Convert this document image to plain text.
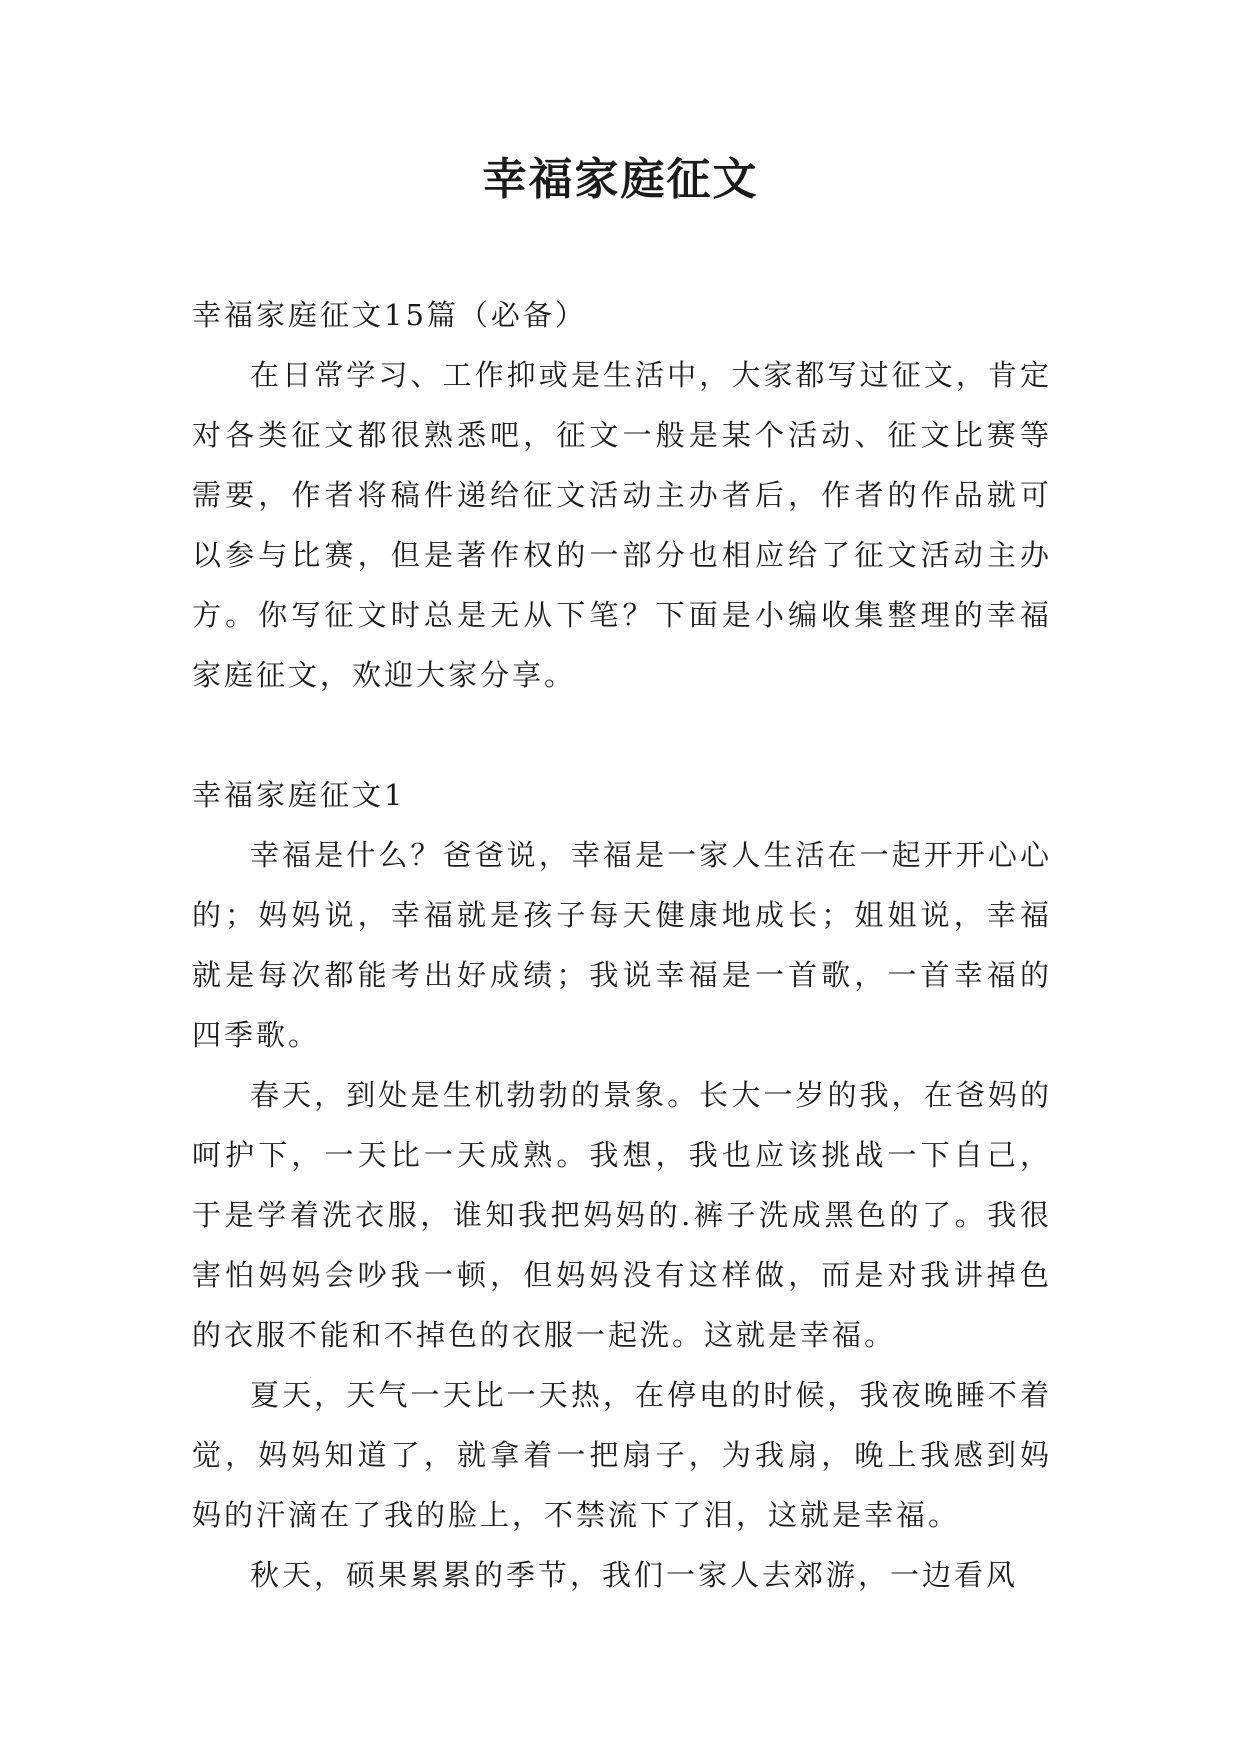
幸福家庭征文

幸福家庭征文15篇（必备）

在日常学习、工作抑或是生活中，大家都写过征文，肯定对各类征文都很熟悉吧，征文一般是某个活动、征文比赛等需要，作者将稿件递给征文活动主办者后，作者的作品就可以参与比赛，但是著作权的一部分也相应给了征文活动主办方。你写征文时总是无从下笔？下面是小编收集整理的幸福家庭征文，欢迎大家分享。

幸福家庭征文1

幸福是什么？爸爸说，幸福是一家人生活在一起开开心心的；妈妈说，幸福就是孩子每天健康地成长；姐姐说，幸福就是每次都能考出好成绩；我说幸福是一首歌，一首幸福的四季歌。

春天，到处是生机勃勃的景象。长大一岁的我，在爸妈的呵护下，一天比一天成熟。我想，我也应该挑战一下自己，于是学着洗衣服，谁知我把妈妈的.裤子洗成黑色的了。我很害怕妈妈会吵我一顿，但妈妈没有这样做，而是对我讲掉色的衣服不能和不掉色的衣服一起洗。这就是幸福。

夏天，天气一天比一天热，在停电的时候，我夜晚睡不着觉，妈妈知道了，就拿着一把扇子，为我扇，晚上我感到妈妈的汗滴在了我的脸上，不禁流下了泪，这就是幸福。

秋天，硕果累累的季节，我们一家人去郊游，一边看风
